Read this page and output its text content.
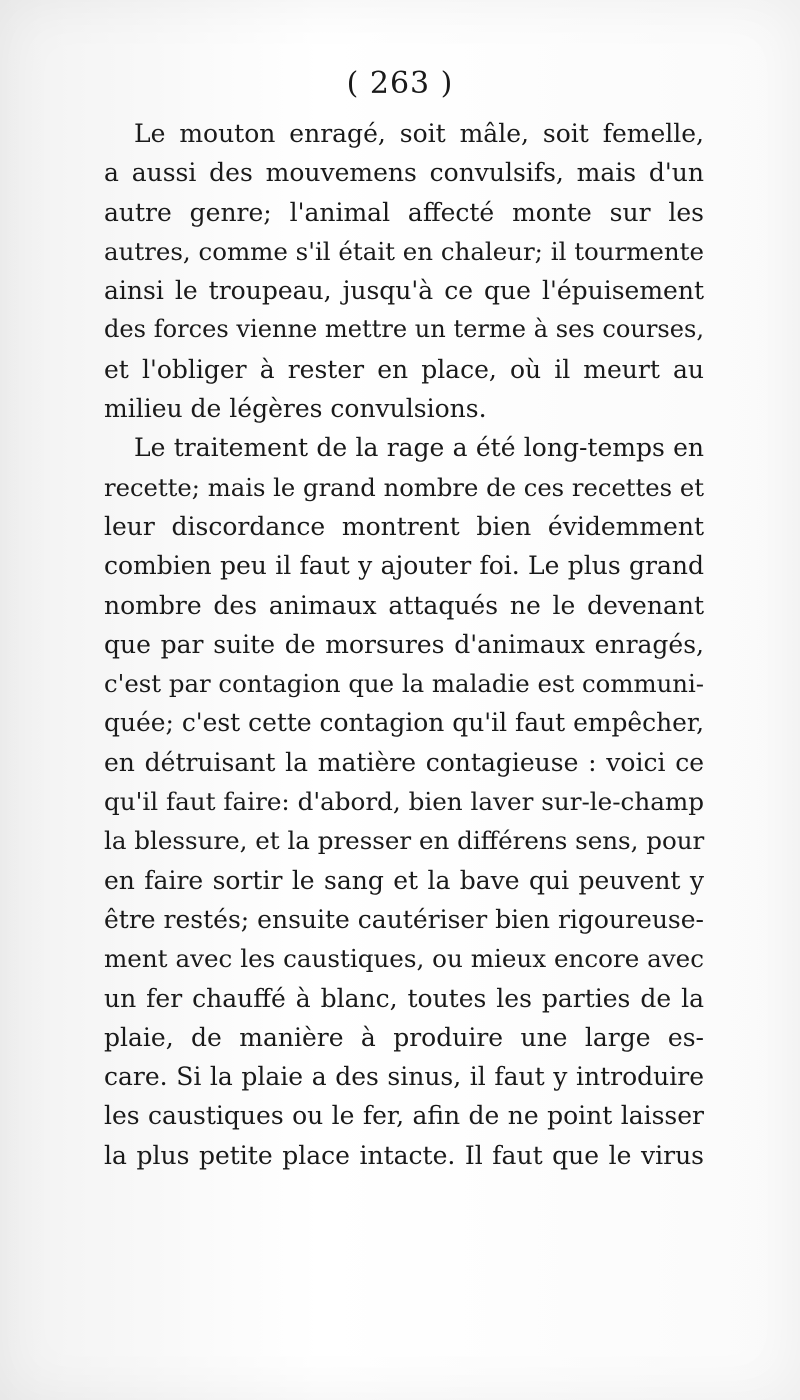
( 263 )
Le mouton enragé, soit mâle, soit femelle,
a aussi des mouvemens convulsifs, mais d'un
autre genre; l'animal affecté monte sur les
autres, comme s'il était en chaleur; il tourmente
ainsi le troupeau, jusqu'à ce que l'épuisement
des forces vienne mettre un terme à ses courses,
et l'obliger à rester en place, où il meurt au
milieu de légères convulsions.
Le traitement de la rage a été long-temps en
recette; mais le grand nombre de ces recettes et
leur discordance montrent bien évidemment
combien peu il faut y ajouter foi. Le plus grand
nombre des animaux attaqués ne le devenant
que par suite de morsures d'animaux enragés,
c'est par contagion que la maladie est communi-
quée; c'est cette contagion qu'il faut empêcher,
en détruisant la matière contagieuse : voici ce
qu'il faut faire: d'abord, bien laver sur-le-champ
la blessure, et la presser en différens sens, pour
en faire sortir le sang et la bave qui peuvent y
être restés; ensuite cautériser bien rigoureuse-
ment avec les caustiques, ou mieux encore avec
un fer chauffé à blanc, toutes les parties de la
plaie, de manière à produire une large es-
care. Si la plaie a des sinus, il faut y introduire
les caustiques ou le fer, afin de ne point laisser
la plus petite place intacte. Il faut que le virus
